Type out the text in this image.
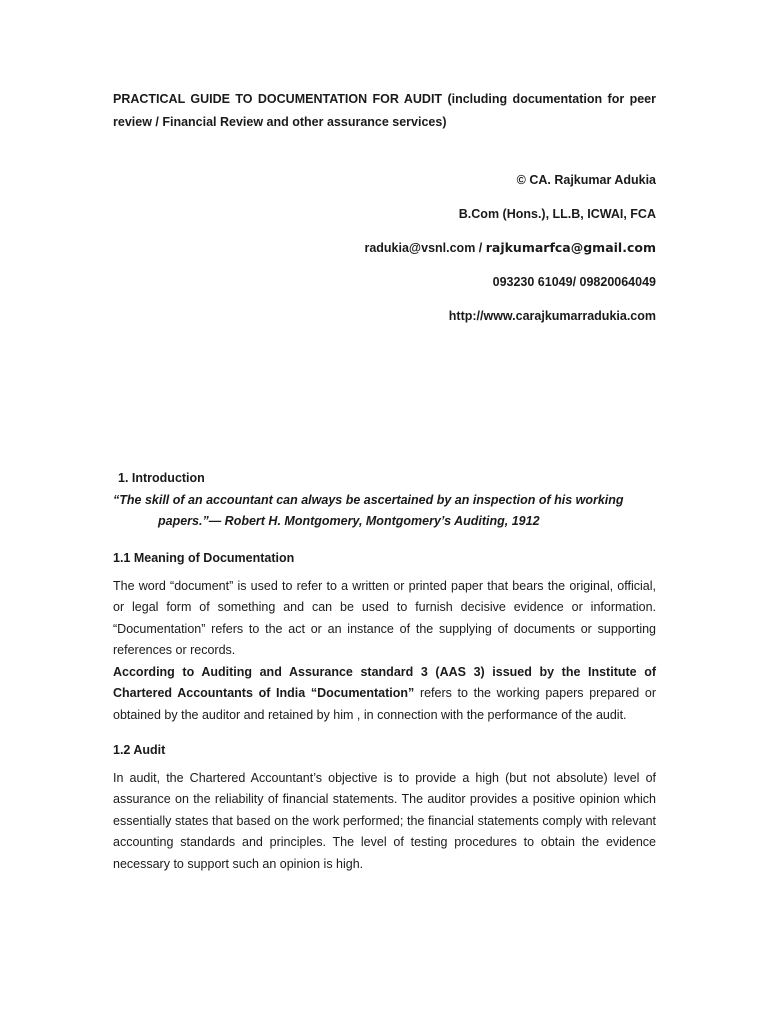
PRACTICAL GUIDE TO DOCUMENTATION FOR AUDIT (including documentation for peer review / Financial Review and other assurance services)
© CA. Rajkumar Adukia
B.Com (Hons.), LL.B, ICWAI, FCA
radukia@vsnl.com / rajkumarfca@gmail.com
093230 61049/ 09820064049
http://www.carajkumarradukia.com
1. Introduction
“The skill of an accountant can always be ascertained by an inspection of his working
papers.”— Robert H. Montgomery, Montgomery’s Auditing, 1912
1.1 Meaning of Documentation

The word “document” is used to refer to a written or printed paper that bears the original, official, or legal form of something and can be used to furnish decisive evidence or information. “Documentation” refers to the act or an instance of the supplying of documents or supporting references or records.

According to Auditing and Assurance standard 3 (AAS 3) issued by the Institute of Chartered Accountants of India “Documentation” refers to the working papers prepared or obtained by the auditor and retained by him , in connection with the performance of the audit.

1.2 Audit

In audit, the Chartered Accountant’s objective is to provide a high (but not absolute) level of assurance on the reliability of financial statements. The auditor provides a positive opinion which essentially states that based on the work performed; the financial statements comply with relevant accounting standards and principles. The level of testing procedures to obtain the evidence necessary to support such an opinion is high.
